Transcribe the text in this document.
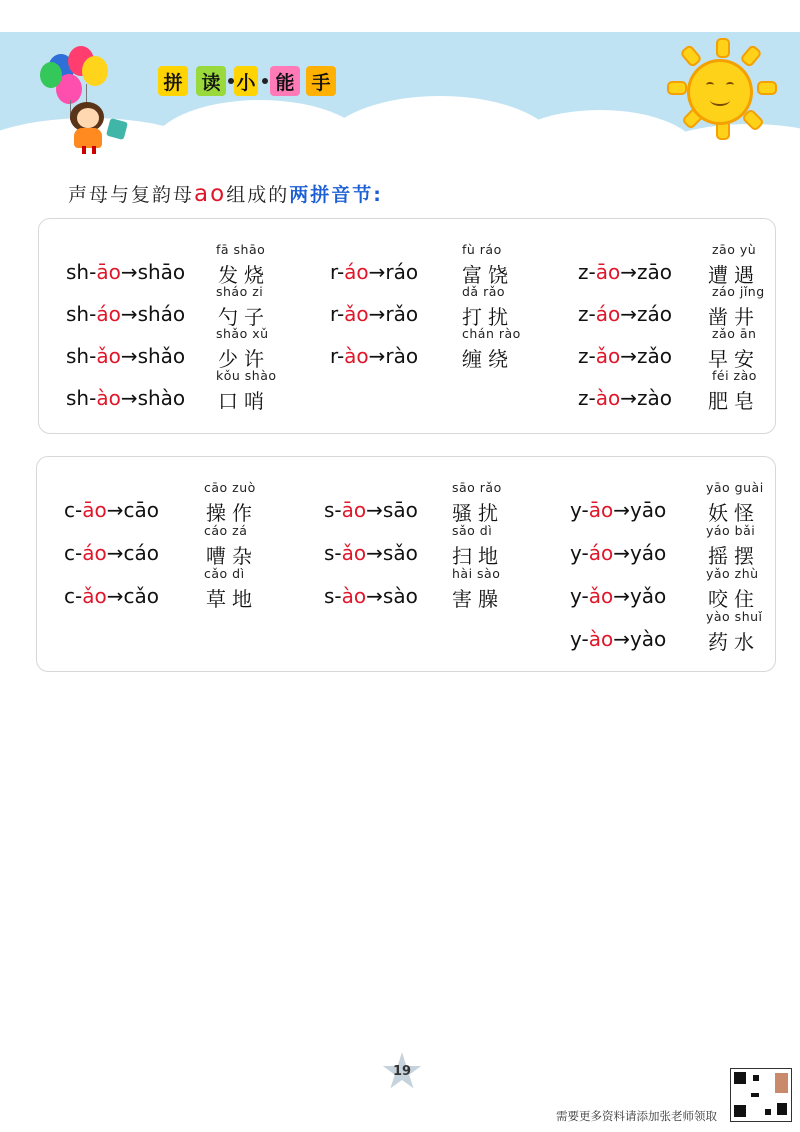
拼 读 小 能 手
声母与复韵母ao组成的两拼音节:
sh-āo→shāo
fā shāo
发烧
sh-áo→sháo
sháo zi
勺子
sh-ǎo→shǎo
shǎo xǔ
少许
sh-ào→shào
kǒu shào
口哨
r-áo→ráo
fù ráo
富饶
r-ǎo→rǎo
dǎ rǎo
打扰
r-ào→rào
chán rào
缠绕
z-āo→zāo
zāo yù
遭遇
z-áo→záo
záo jǐng
凿井
z-ǎo→zǎo
zǎo ān
早安
z-ào→zào
féi zào
肥皂
c-āo→cāo
cāo zuò
操作
c-áo→cáo
cáo zá
嘈杂
c-ǎo→cǎo
cǎo dì
草地
s-āo→sāo
sāo rǎo
骚扰
s-ǎo→sǎo
sǎo dì
扫地
s-ào→sào
hài sào
害臊
y-āo→yāo
yāo guài
妖怪
y-áo→yáo
yáo bǎi
摇摆
y-ǎo→yǎo
yǎo zhù
咬住
y-ào→yào
yào shuǐ
药水
19
需要更多资料请添加张老师领取
